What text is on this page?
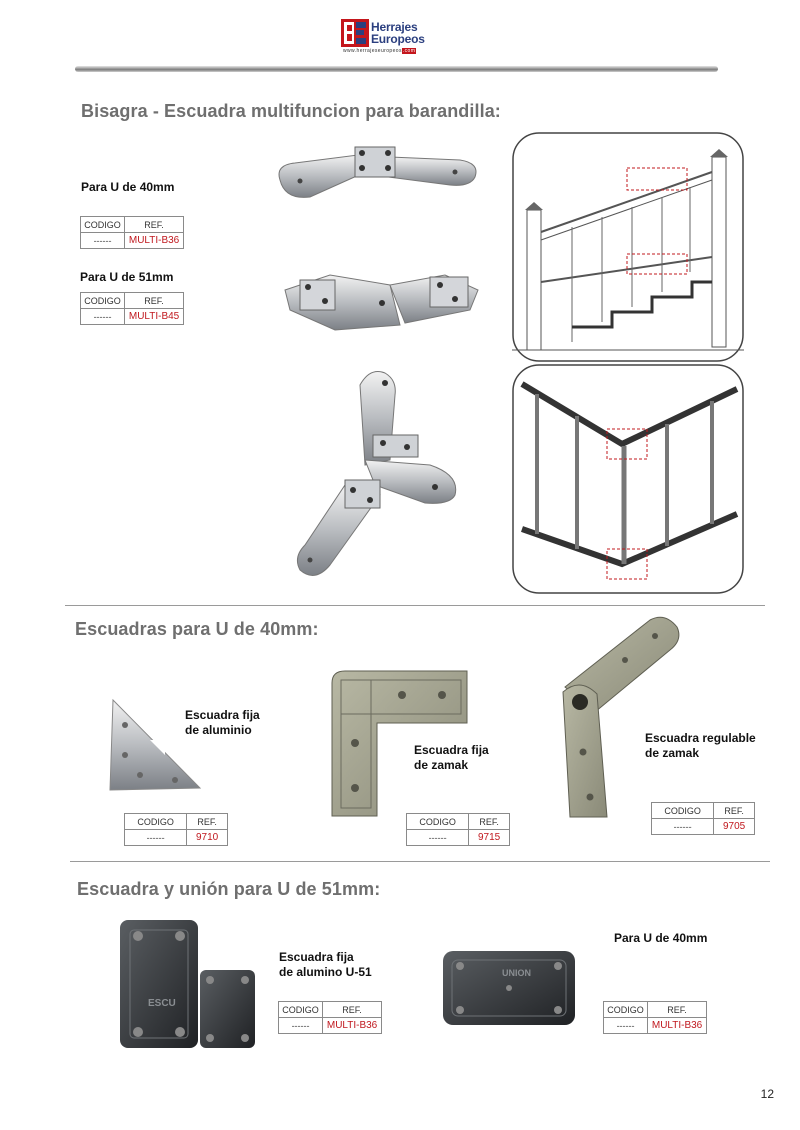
Herrajes
Europeos
www.herrajeseuropeos.com
Bisagra - Escuadra multifuncion para barandilla:
Para U de 40mm
CODIGO	REF.
------	MULTI-B36
Para U de 51mm
CODIGO	REF.
------	MULTI-B45
Escuadras para U de 40mm:
Escuadra fija
de aluminio
CODIGO	REF.
------	9710
Escuadra fija
de zamak
CODIGO	REF.
------	9715
Escuadra regulable
de zamak
CODIGO	REF.
------	9705
Escuadra y unión para U de 51mm:
ESCU
Escuadra fija
de alumino U-51
CODIGO	REF.
------	MULTI-B36
UNION
Para U de 40mm
CODIGO	REF.
------	MULTI-B36
12
